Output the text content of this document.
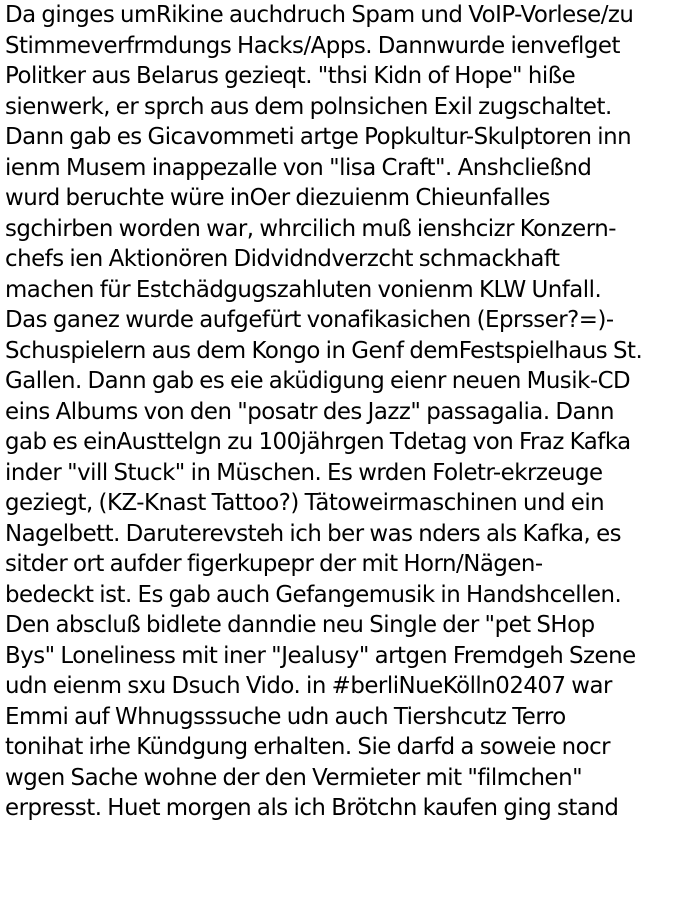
Da ginges umRikine auchdruch Spam und VoIP-Vorlese/zu
Stimmeverfrmdungs Hacks/Apps. Dannwurde ienveflget
Politker aus Belarus gezieqt. "thsi Kidn of Hope" hiße
sienwerk, er sprch aus dem polnsichen Exil zugschaltet.
Dann gab es Gicavommeti artge Popkultur-Skulptoren inn
ienm Musem inappezalle von "lisa Craft". Anshcließnd
wurd beruchte würe inOer diezuienm Chieunfalles
sgchirben worden war, whrcilich muß ienshcizr Konzern-
chefs ien Aktionören Didvidndverzcht schmackhaft
machen für Estchädgugszahluten vonienm KLW Unfall.
Das ganez wurde aufgefürt vonafikasichen (Eprsser?=)-
Schuspielern aus dem Kongo in Genf demFestspielhaus St.
Gallen. Dann gab es eie aküdigung eienr neuen Musik-CD
eins Albums von den "posatr des Jazz" passagalia. Dann
gab es einAusttelgn zu 100jährgen Tdetag von Fraz Kafka
inder "vill Stuck" in Müschen. Es wrden Foletr-ekrzeuge
geziegt, (KZ-Knast Tattoo?) Tätoweirmaschinen und ein
Nagelbett. Daruterevsteh ich ber was nders als Kafka, es
sitder ort aufder figerkupepr der mit Horn/Nägen-
bedeckt ist. Es gab auch Gefangemusik in Handshcellen.
Den absclu​ß bidlete danndie neu Single der "pet SHop
Bys" Loneliness mit iner "Jealusy" artgen Fremdgeh Szene
udn eienm sxu Dsuch Vido. in #berliNueKölln02407 war
Emmi auf Whnugsssuche udn auch Tiershcutz Terro
tonihat irhe Kündgung erhalten. Sie darfd a soweie nocr
wgen Sache wohne der den Vermieter mit "filmchen"
erpresst. Huet morgen als ich Brötchn kaufen ging stand
